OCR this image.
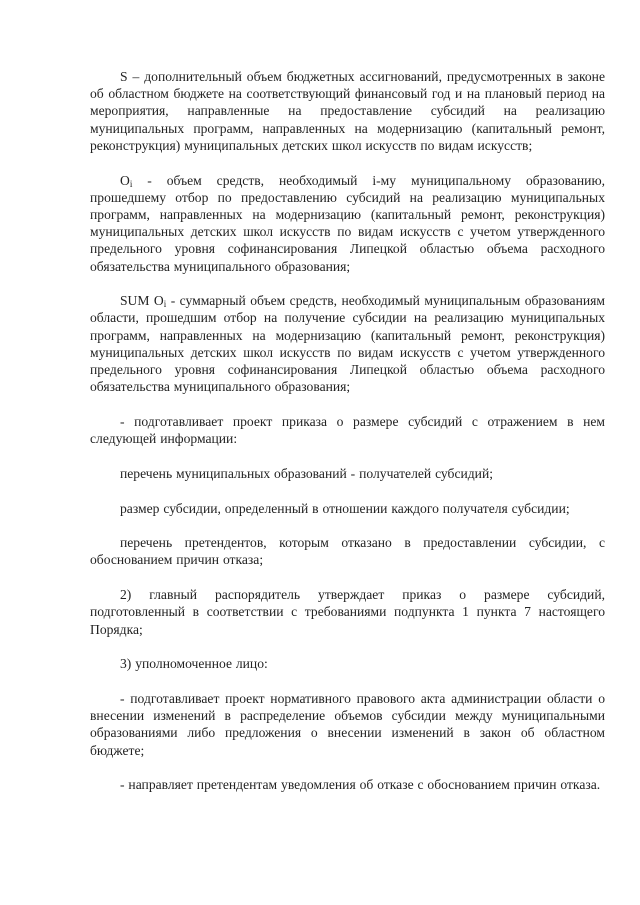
S – дополнительный объем бюджетных ассигнований, предусмотренных в законе об областном бюджете на соответствующий финансовый год и на плановый период на мероприятия, направленные на предоставление субсидий на реализацию муниципальных программ, направленных на модернизацию (капитальный ремонт, реконструкция) муниципальных детских школ искусств по видам искусств;

$O_i$ - объем средств, необходимый i-му муниципальному образованию, прошедшему отбор по предоставлению субсидий на реализацию муниципальных программ, направленных на модернизацию (капитальный ремонт, реконструкция) муниципальных детских школ искусств по видам искусств с учетом утвержденного предельного уровня софинансирования Липецкой областью объема расходного обязательства муниципального образования;

SUM $O_i$ - суммарный объем средств, необходимый муниципальным образованиям области, прошедшим отбор на получение субсидии на реализацию муниципальных программ, направленных на модернизацию (капитальный ремонт, реконструкция) муниципальных детских школ искусств по видам искусств с учетом утвержденного предельного уровня софинансирования Липецкой областью объема расходного обязательства муниципального образования;

- подготавливает проект приказа о размере субсидий с отражением в нем следующей информации:

перечень муниципальных образований - получателей субсидий;

размер субсидии, определенный в отношении каждого получателя субсидии;

перечень претендентов, которым отказано в предоставлении субсидии, с обоснованием причин отказа;

2) главный распорядитель утверждает приказ о размере субсидий, подготовленный в соответствии с требованиями подпункта 1 пункта 7 настоящего Порядка;

3) уполномоченное лицо:

- подготавливает проект нормативного правового акта администрации области о внесении изменений в распределение объемов субсидии между муниципальными образованиями либо предложения о внесении изменений в закон об областном бюджете;

- направляет претендентам уведомления об отказе с обоснованием причин отказа.
